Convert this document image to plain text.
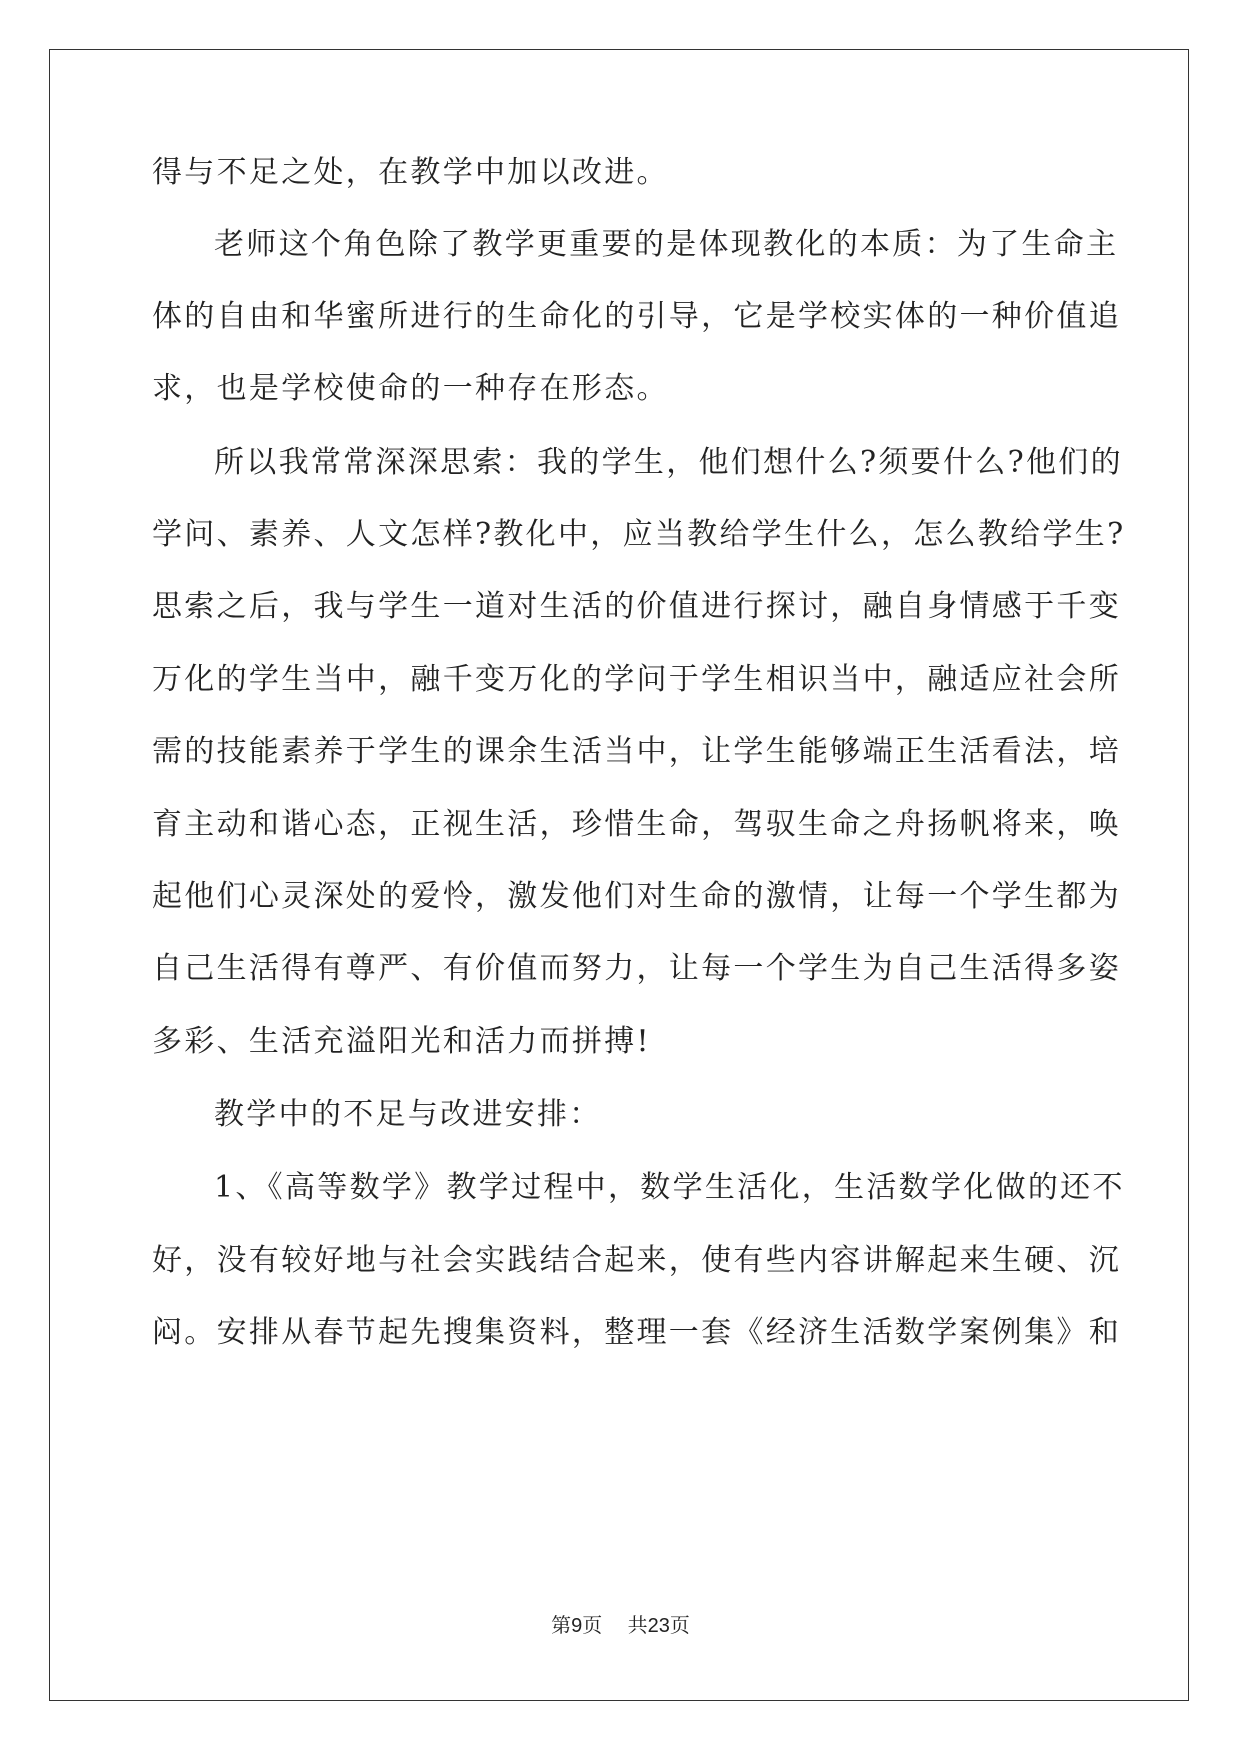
得与不足之处，在教学中加以改进。
老师这个角色除了教学更重要的是体现教化的本质：为了生命主
体的自由和华蜜所进行的生命化的引导，它是学校实体的一种价值追
求，也是学校使命的一种存在形态。
所以我常常深深思索：我的学生，他们想什么?须要什么?他们的
学问、素养、人文怎样?教化中，应当教给学生什么，怎么教给学生?
思索之后，我与学生一道对生活的价值进行探讨，融自身情感于千变
万化的学生当中，融千变万化的学问于学生相识当中，融适应社会所
需的技能素养于学生的课余生活当中，让学生能够端正生活看法，培
育主动和谐心态，正视生活，珍惜生命，驾驭生命之舟扬帆将来，唤
起他们心灵深处的爱怜，激发他们对生命的激情，让每一个学生都为
自己生活得有尊严、有价值而努力，让每一个学生为自己生活得多姿
多彩、生活充溢阳光和活力而拼搏!
教学中的不足与改进安排：
1、《高等数学》教学过程中，数学生活化，生活数学化做的还不
好，没有较好地与社会实践结合起来，使有些内容讲解起来生硬、沉
闷。安排从春节起先搜集资料，整理一套《经济生活数学案例集》和
第9页 共23页
